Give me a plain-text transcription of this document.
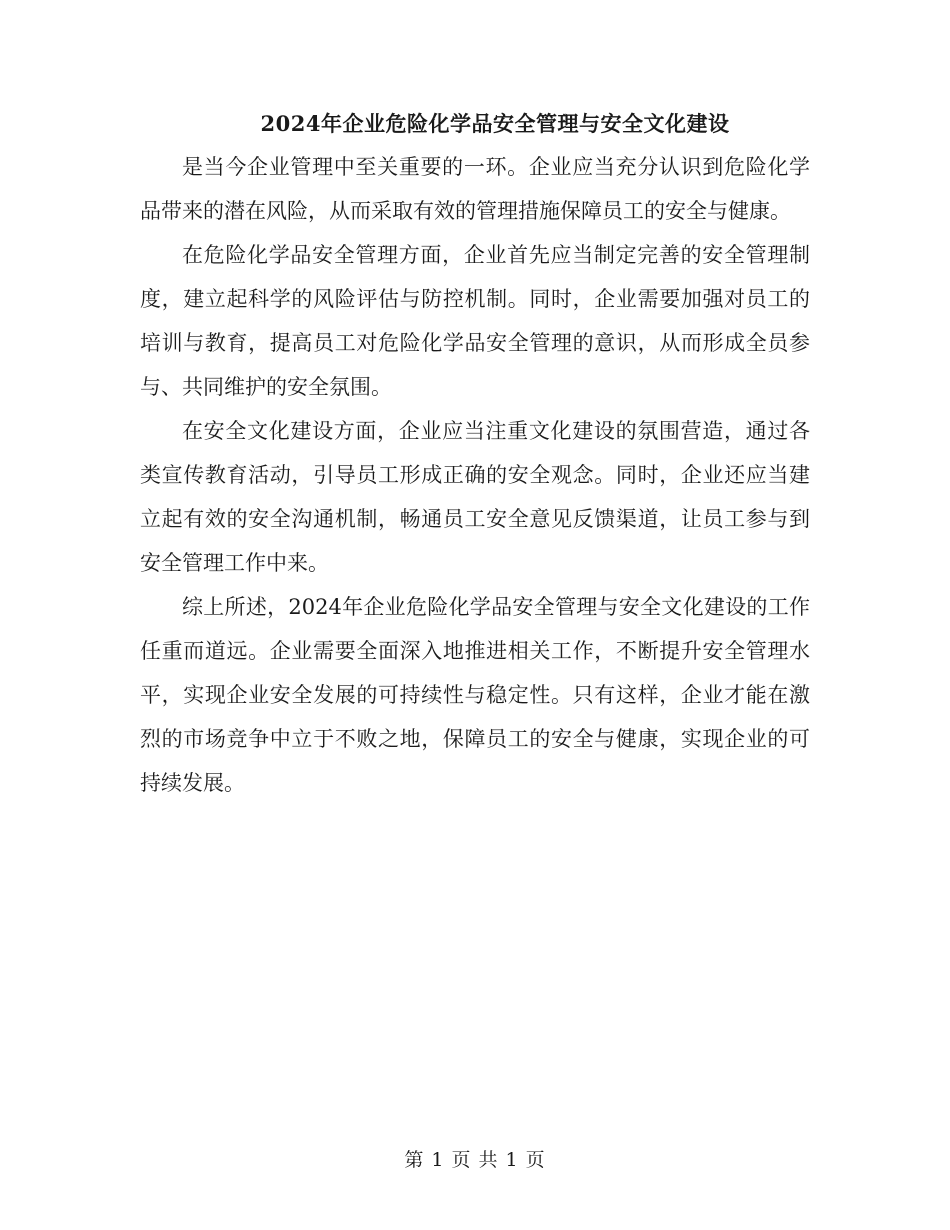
2024年企业危险化学品安全管理与安全文化建设

是当今企业管理中至关重要的一环。企业应当充分认识到危险化学品带来的潜在风险，从而采取有效的管理措施保障员工的安全与健康。

在危险化学品安全管理方面，企业首先应当制定完善的安全管理制度，建立起科学的风险评估与防控机制。同时，企业需要加强对员工的培训与教育，提高员工对危险化学品安全管理的意识，从而形成全员参与、共同维护的安全氛围。

在安全文化建设方面，企业应当注重文化建设的氛围营造，通过各类宣传教育活动，引导员工形成正确的安全观念。同时，企业还应当建立起有效的安全沟通机制，畅通员工安全意见反馈渠道，让员工参与到安全管理工作中来。

综上所述，2024年企业危险化学品安全管理与安全文化建设的工作任重而道远。企业需要全面深入地推进相关工作，不断提升安全管理水平，实现企业安全发展的可持续性与稳定性。只有这样，企业才能在激烈的市场竞争中立于不败之地，保障员工的安全与健康，实现企业的可持续发展。

第 1 页 共 1 页
